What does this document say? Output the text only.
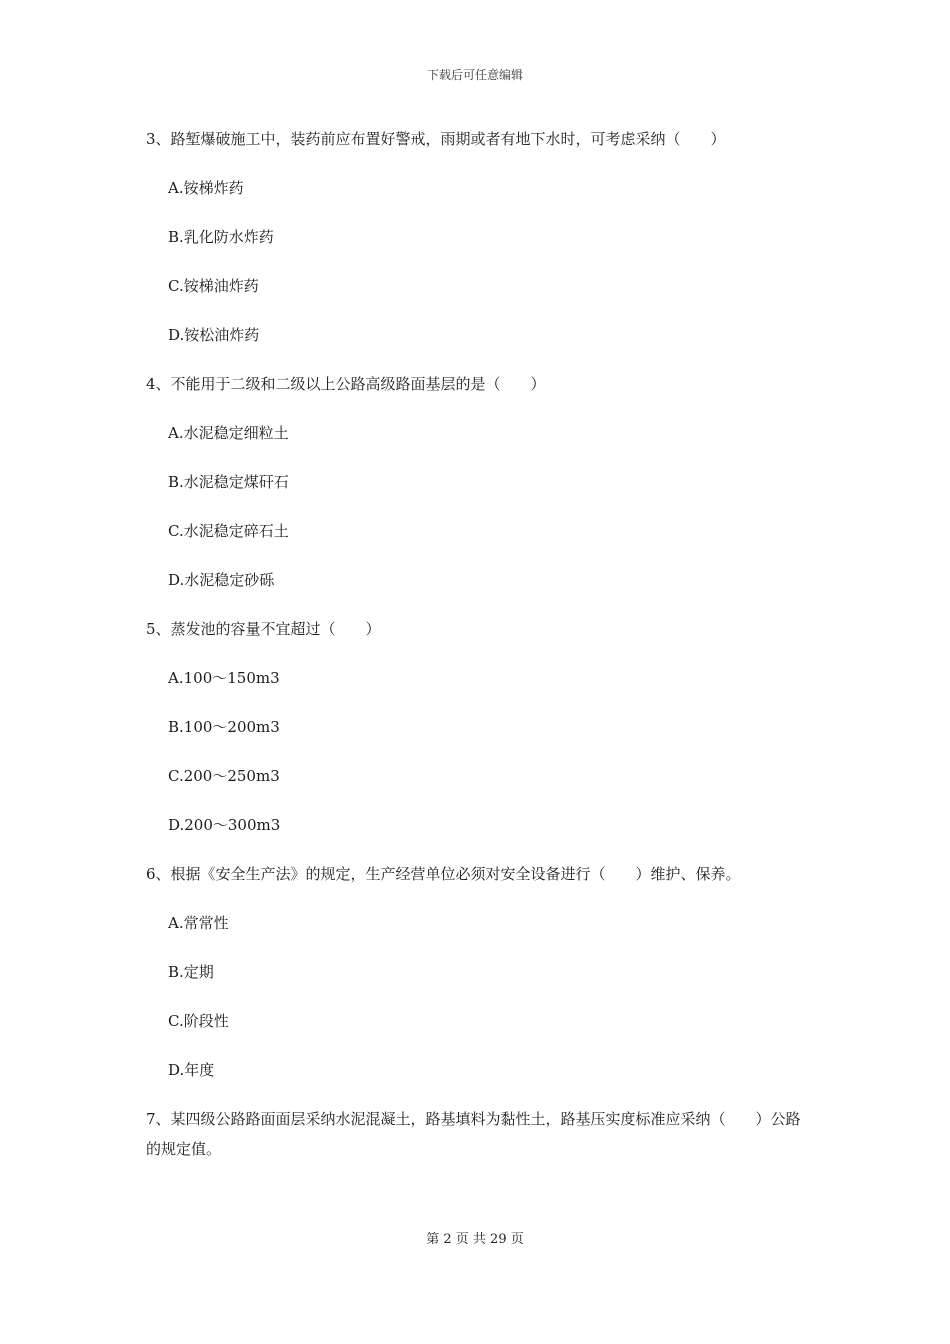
下载后可任意编辑

3、路堑爆破施工中，装药前应布置好警戒，雨期或者有地下水时，可考虑采纳（　　）

A.铵梯炸药

B.乳化防水炸药

C.铵梯油炸药

D.铵松油炸药

4、不能用于二级和二级以上公路高级路面基层的是（　　）

A.水泥稳定细粒土

B.水泥稳定煤矸石

C.水泥稳定碎石土

D.水泥稳定砂砾

5、蒸发池的容量不宜超过（　　）

A.100～150m3

B.100～200m3

C.200～250m3

D.200～300m3

6、根据《安全生产法》的规定，生产经营单位必须对安全设备进行（　　）维护、保养。

A.常常性

B.定期

C.阶段性

D.年度

7、某四级公路路面面层采纳水泥混凝土，路基填料为黏性土，路基压实度标准应采纳（　　）公路的规定值。

第 2 页 共 29 页
